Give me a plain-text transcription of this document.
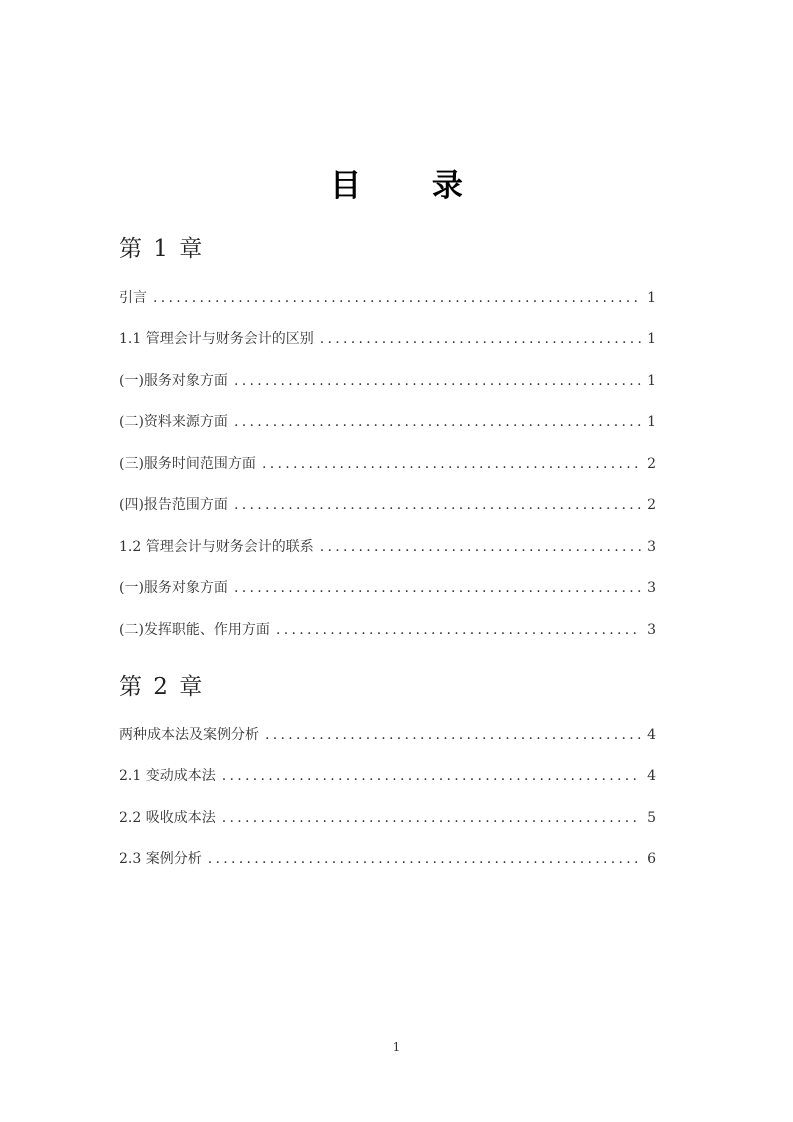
目 录
第 1 章
引言 .....	1
1.1 管理会计与财务会计的区别 .....	1
(一)服务对象方面 .....	1
(二)资料来源方面 .....	1
(三)服务时间范围方面 .....	2
(四)报告范围方面 .....	2
1.2 管理会计与财务会计的联系 .....	3
(一)服务对象方面 .....	3
(二)发挥职能、作用方面 .....	3
第 2 章
两种成本法及案例分析 .....	4
2.1 变动成本法 .....	4
2.2 吸收成本法 .....	5
2.3 案例分析 .....	6
1
